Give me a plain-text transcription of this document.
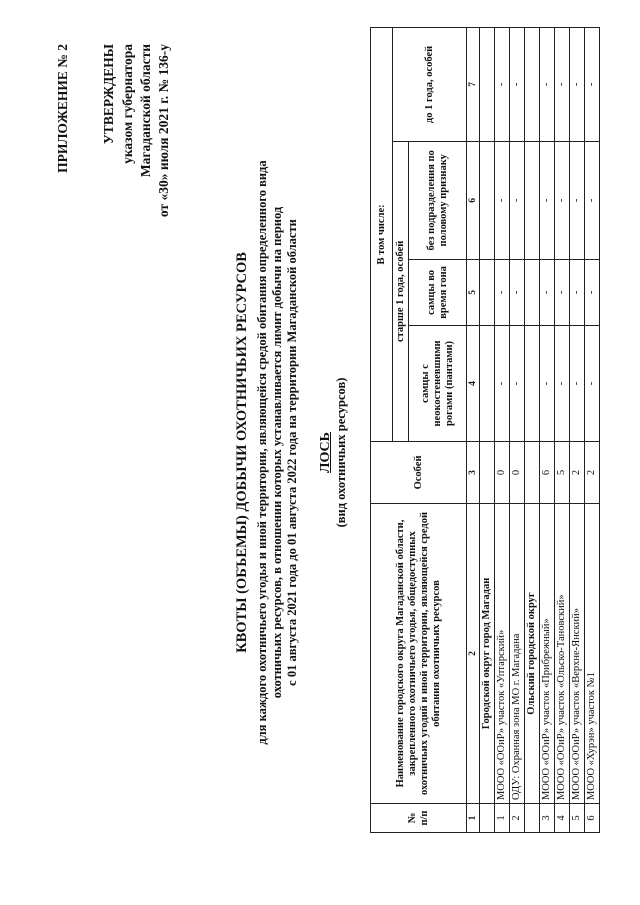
ПРИЛОЖЕНИЕ № 2 УТВЕРЖДЕНЫ указом губернатора Магаданской области от «30» июля 2021 г. № 136-у
КВОТЫ (ОБЪЕМЫ) ДОБЫЧИ ОХОТНИЧЬИХ РЕСУРСОВ для каждого охотничьего угодья и иной территории, являющейся средой обитания определенного вида охотничьих ресурсов, в отношении которых устанавливается лимит добычи на период с 01 августа 2021 года до 01 августа 2022 года на территории Магаданской области ЛОСЬ (вид охотничьих ресурсов)
№ п/п	Наименование городского округа Магаданской области, закрепленного охотничьего угодья, общедоступных охотничьих угодий и иной территории, являющейся средой обитания охотничьих ресурсов	Особей	В том числе:			
			старше 1 года, особей			до 1 года, особей
			самцы с неокостеневшими рогами (пантами)	самцы во время гона	без подразделения по половому признаку	
1	2	3	4	5	6	7
	Городской округ город Магадан					
1	МООО «ООиР» участок «Уптарский»	0	-	-	-	-
2	ОДУ: Охранная зона МО г. Магадана	0	-	-	-	-
	Ольский городской округ					
3	МООО «ООиР» участок «Прибрежный»	6	-	-	-	-
4	МООО «ООиР» участок «Ольско-Тановский»	5	-	-	-	-
5	МООО «ООиР» участок «Верхне-Янский»	2	-	-	-	-
6	МООО «Хурэн» участок №1	2	-	-	-	-
